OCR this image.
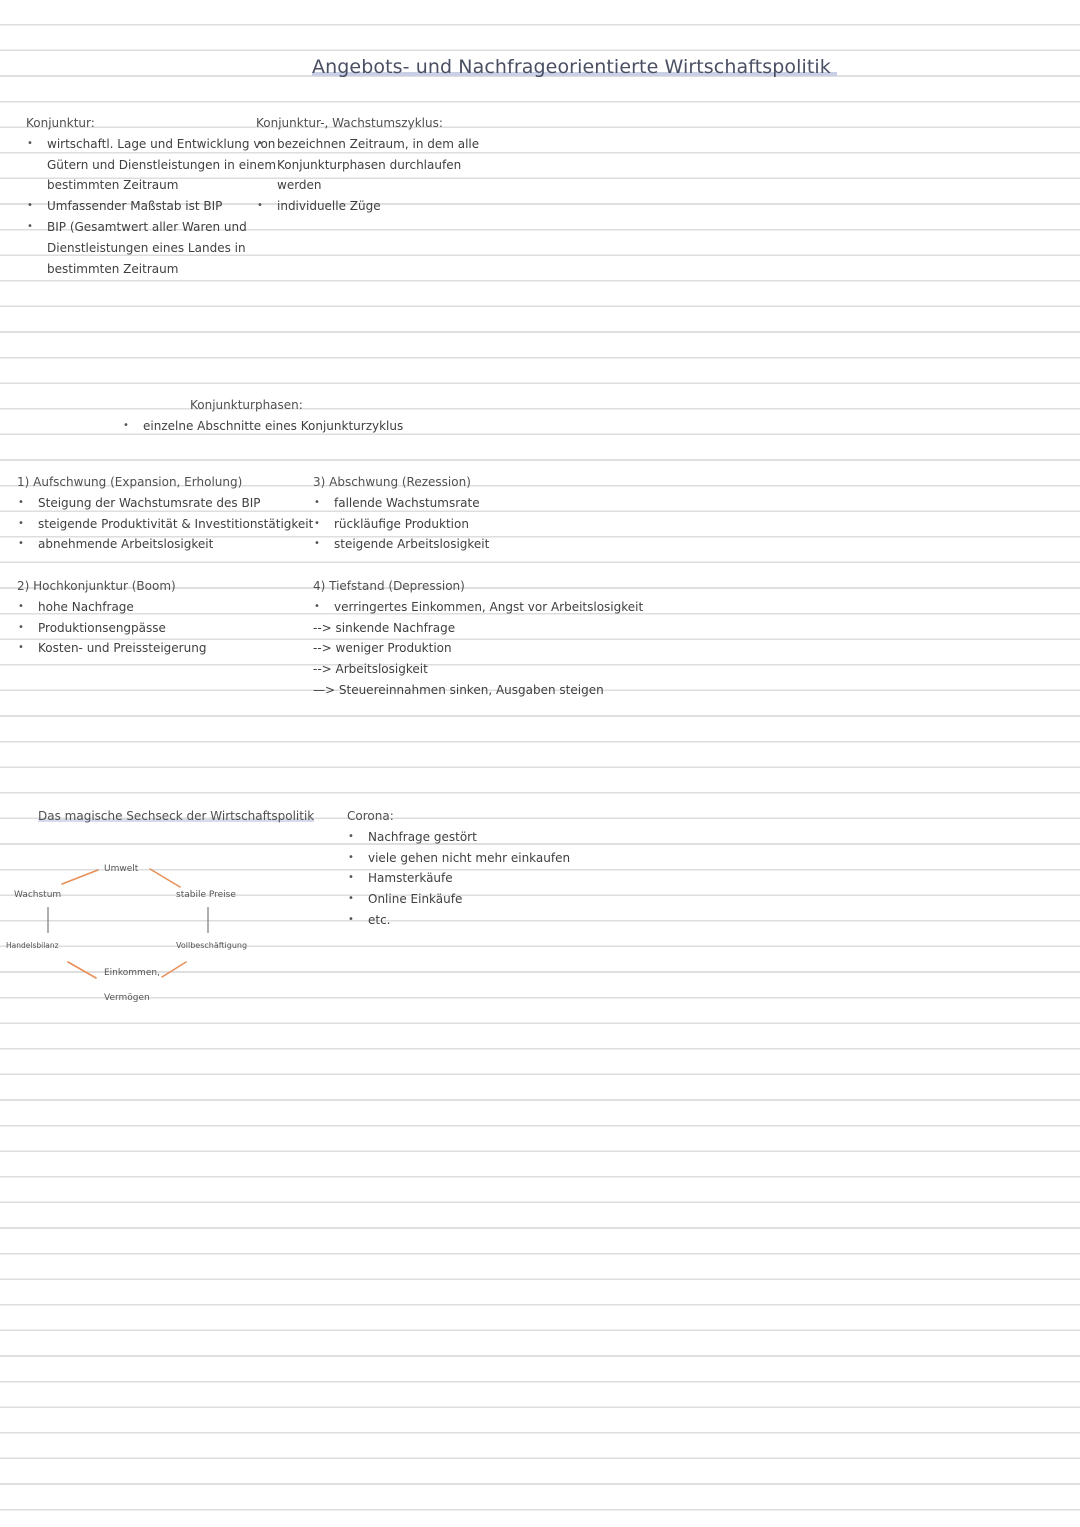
Angebots- und Nachfrageorientierte Wirtschaftspolitik
Konjunktur:
• wirtschaftl. Lage und Entwicklung von
Gütern und Dienstleistungen in einem
bestimmten Zeitraum
• Umfassender Maßstab ist BIP
• BIP (Gesamtwert aller Waren und
Dienstleistungen eines Landes in
bestimmten Zeitraum
Konjunktur-, Wachstumszyklus:
• bezeichnen Zeitraum, in dem alle
Konjunkturphasen durchlaufen
werden
• individuelle Züge
Konjunkturphasen:
• einzelne Abschnitte eines Konjunkturzyklus
1) Aufschwung (Expansion, Erholung)
• Steigung der Wachstumsrate des BIP
• steigende Produktivität & Investitionstätigkeit
• abnehmende Arbeitslosigkeit
2) Hochkonjunktur (Boom)
• hohe Nachfrage
• Produktionsengpässe
• Kosten- und Preissteigerung
3) Abschwung (Rezession)
• fallende Wachstumsrate
• rückläufige Produktion
• steigende Arbeitslosigkeit
4) Tiefstand (Depression)
• verringertes Einkommen, Angst vor Arbeitslosigkeit
--> sinkende Nachfrage
--> weniger Produktion
--> Arbeitslosigkeit
—> Steuereinnahmen sinken, Ausgaben steigen
Das magische Sechseck der Wirtschaftspolitik
Umwelt
Wachstum	stabile Preise
Handelsbilanz	Vollbeschäftigung
Einkommen,
Vermögen
Corona:
• Nachfrage gestört
• viele gehen nicht mehr einkaufen
• Hamsterkäufe
• Online Einkäufe
• etc.
